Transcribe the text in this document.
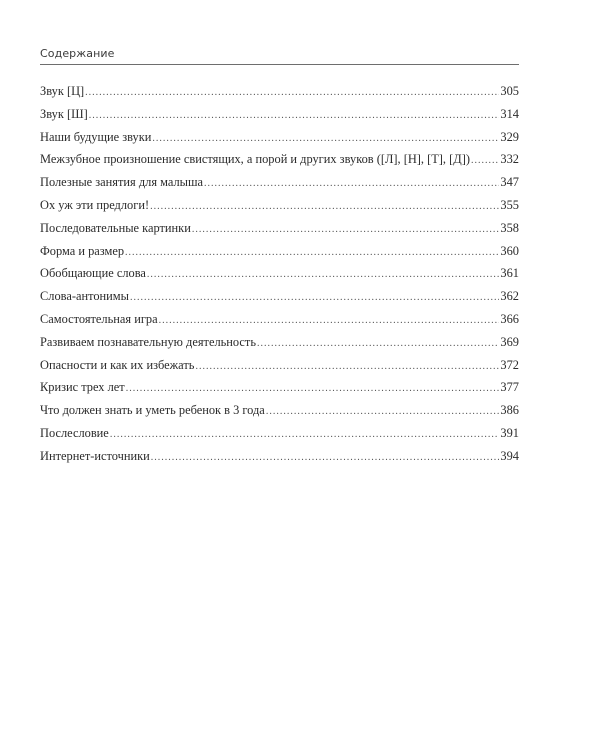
Содержание
Звук [Ц] .....	305
Звук [Ш] .....	314
Наши будущие звуки .....	329
Межзубное произношение свистящих, а порой и других звуков ([Л], [Н], [Т], [Д]) ..... 332
Полезные занятия для малыша .....	347
Ох уж эти предлоги! .....	355
Последовательные картинки .....	358
Форма и размер .....	360
Обобщающие слова .....	361
Слова-антонимы .....	362
Самостоятельная игра .....	366
Развиваем познавательную деятельность .....	369
Опасности и как их избежать .....	372
Кризис трех лет .....	377
Что должен знать и уметь ребенок в 3 года .....	386
Послесловие .....	391
Интернет-источники .....	394
